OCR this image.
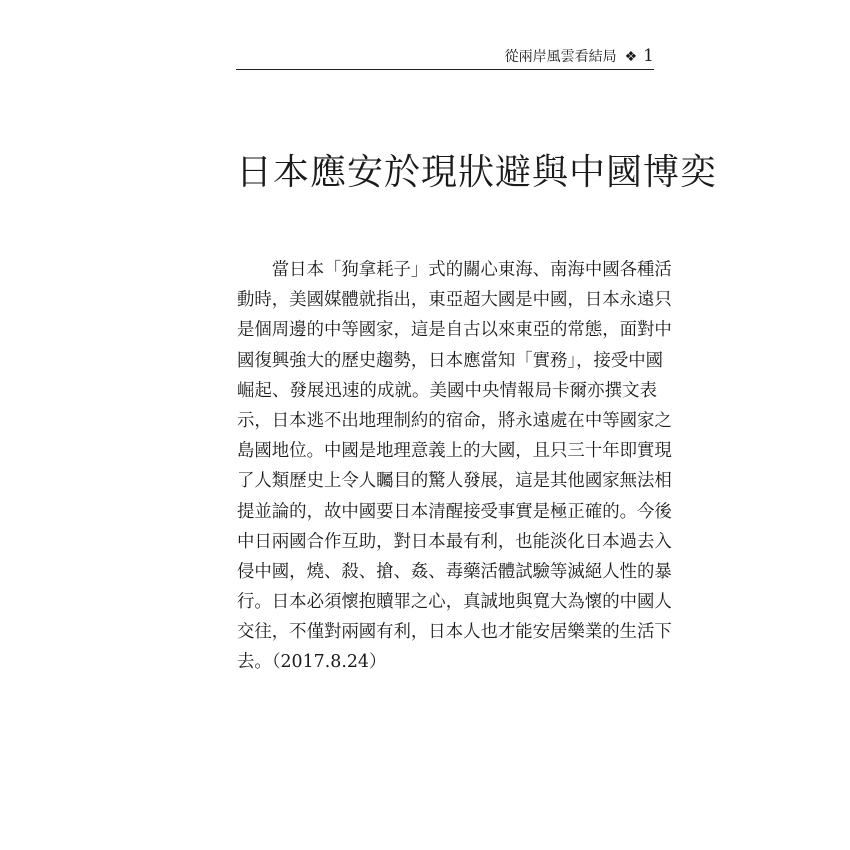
從兩岸風雲看結局 ❖ 1
日本應安於現狀避與中國博奕
　　當日本「狗拿耗子」式的關心東海、南海中國各種活
動時，美國媒體就指出，東亞超大國是中國，日本永遠只
是個周邊的中等國家，這是自古以來東亞的常態，面對中
國復興強大的歷史趨勢，日本應當知「實務」，接受中國
崛起、發展迅速的成就。美國中央情報局卡爾亦撰文表
示，日本逃不出地理制約的宿命，將永遠處在中等國家之
島國地位。中國是地理意義上的大國，且只三十年即實現
了人類歷史上令人矚目的驚人發展，這是其他國家無法相
提並論的，故中國要日本清醒接受事實是極正確的。今後
中日兩國合作互助，對日本最有利，也能淡化日本過去入
侵中國，燒、殺、搶、姦、毒藥活體試驗等滅絕人性的暴
行。日本必須懷抱贖罪之心，真誠地與寬大為懷的中國人
交往，不僅對兩國有利，日本人也才能安居樂業的生活下
去。（2017.8.24）
